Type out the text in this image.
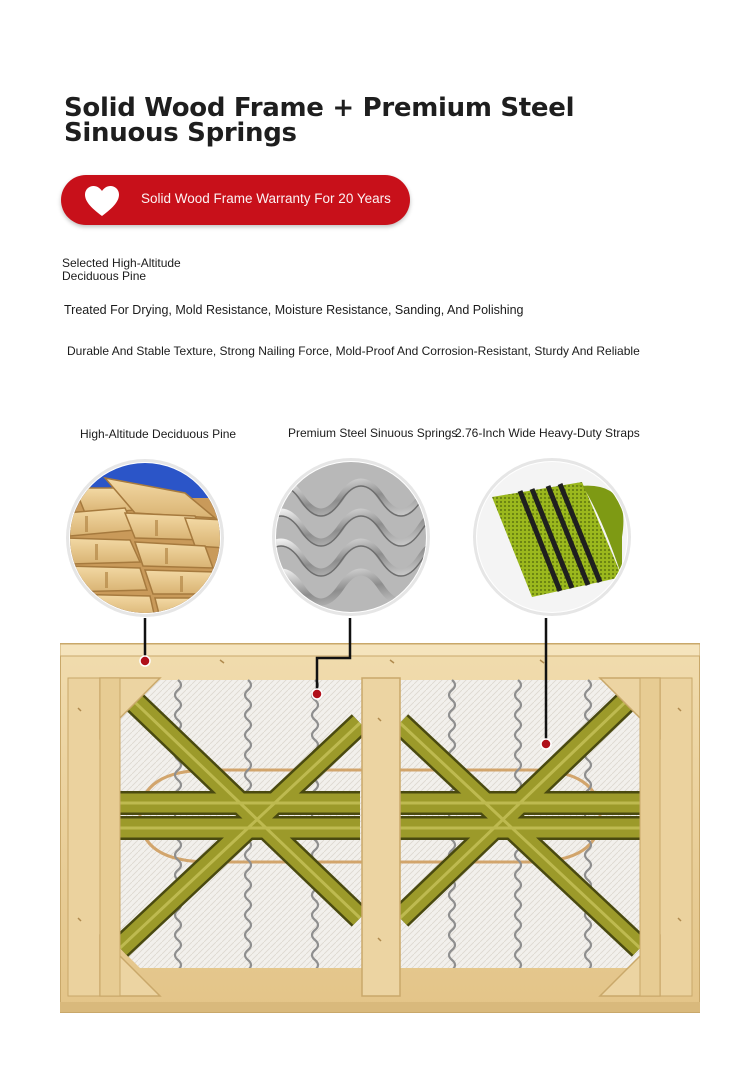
Solid Wood Frame + Premium Steel Sinuous Springs
Solid Wood Frame Warranty For 20 Years
Selected High-Altitude Deciduous Pine
Treated For Drying, Mold Resistance, Moisture Resistance, Sanding, And Polishing
Durable And Stable Texture, Strong Nailing Force, Mold-Proof And Corrosion-Resistant, Sturdy And Reliable
High-Altitude Deciduous Pine	Premium Steel Sinuous Springs
2.76-Inch Wide Heavy-Duty Straps
